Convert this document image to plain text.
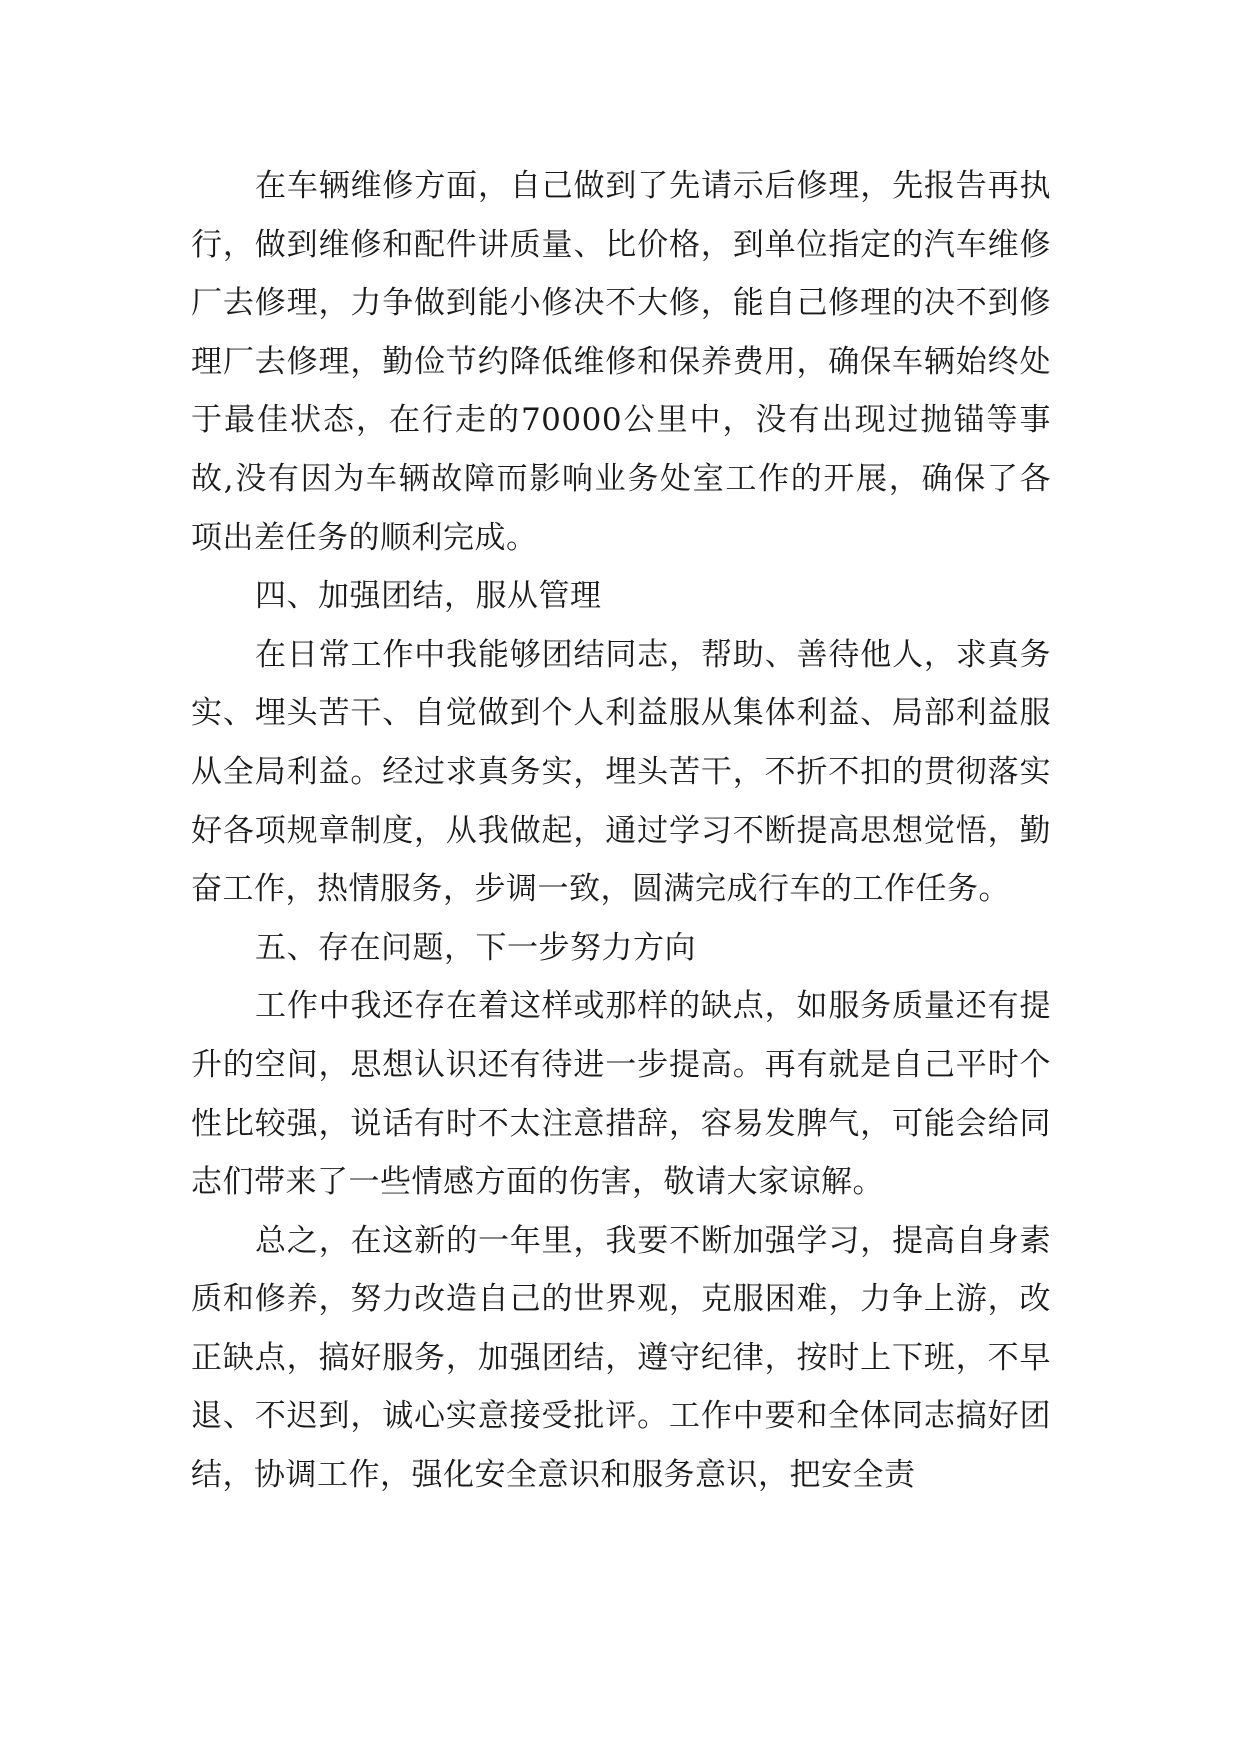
在车辆维修方面，自己做到了先请示后修理，先报告再执行，做到维修和配件讲质量、比价格，到单位指定的汽车维修厂去修理，力争做到能小修决不大修，能自己修理的决不到修理厂去修理，勤俭节约降低维修和保养费用，确保车辆始终处于最佳状态，在行走的70000公里中，没有出现过抛锚等事故,没有因为车辆故障而影响业务处室工作的开展，确保了各项出差任务的顺利完成。

四、加强团结，服从管理

在日常工作中我能够团结同志，帮助、善待他人，求真务实、埋头苦干、自觉做到个人利益服从集体利益、局部利益服从全局利益。经过求真务实，埋头苦干，不折不扣的贯彻落实好各项规章制度，从我做起，通过学习不断提高思想觉悟，勤奋工作，热情服务，步调一致，圆满完成行车的工作任务。

五、存在问题，下一步努力方向

工作中我还存在着这样或那样的缺点，如服务质量还有提升的空间，思想认识还有待进一步提高。再有就是自己平时个性比较强，说话有时不太注意措辞，容易发脾气，可能会给同志们带来了一些情感方面的伤害，敬请大家谅解。

总之，在这新的一年里，我要不断加强学习，提高自身素质和修养，努力改造自己的世界观，克服困难，力争上游，改正缺点，搞好服务，加强团结，遵守纪律，按时上下班，不早退、不迟到，诚心实意接受批评。工作中要和全体同志搞好团结，协调工作，强化安全意识和服务意识，把安全责
